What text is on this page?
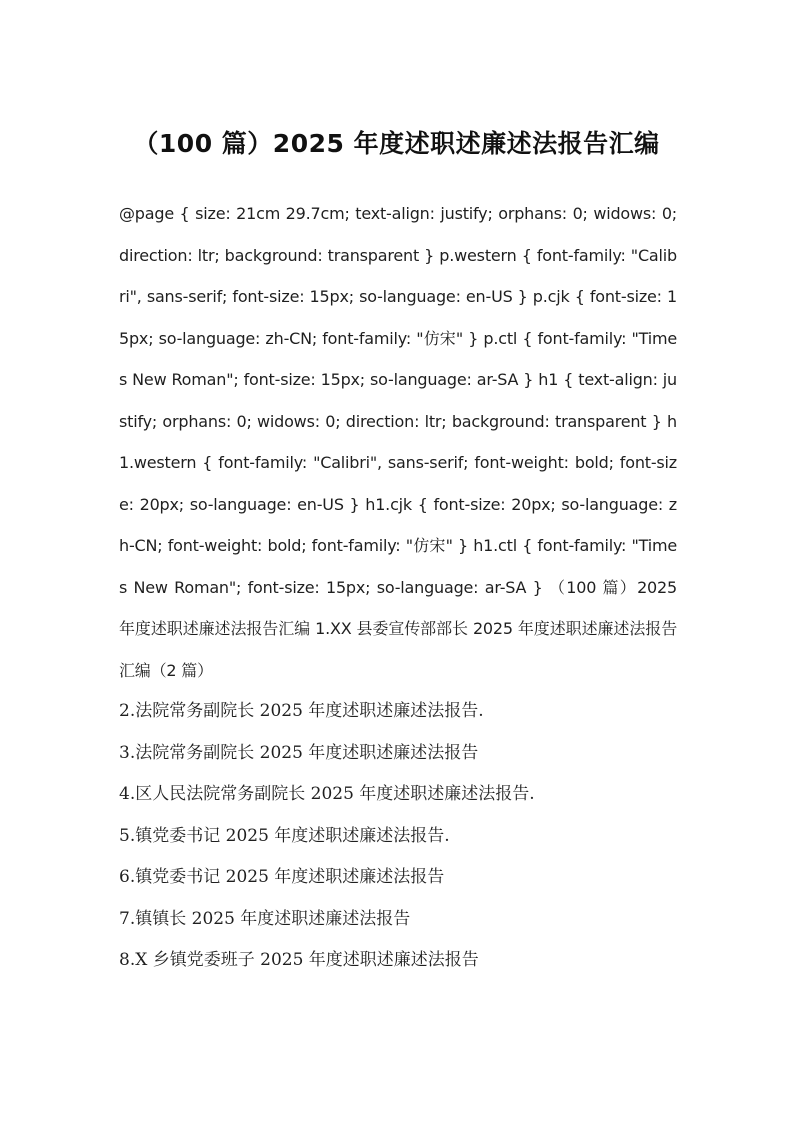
（100 篇）2025 年度述职述廉述法报告汇编

@page { size: 21cm 29.7cm; text-align: justify; orphans: 0; widows: 0; direction: ltr; background: transparent } p.western { font-family: "Calibri", sans-serif; font-size: 15px; so-language: en-US } p.cjk { font-size: 15px; so-language: zh-CN; font-family: "仿宋" } p.ctl { font-family: "Times New Roman"; font-size: 15px; so-language: ar-SA } h1 { text-align: justify; orphans: 0; widows: 0; direction: ltr; background: transparent } h1.western { font-family: "Calibri", sans-serif; font-weight: bold; font-size: 20px; so-language: en-US } h1.cjk { font-size: 20px; so-language: zh-CN; font-weight: bold; font-family: "仿宋" } h1.ctl { font-family: "Times New Roman"; font-size: 15px; so-language: ar-SA } （100 篇）2025 年度述职述廉述法报告汇编 1.XX 县委宣传部部长 2025 年度述职述廉述法报告汇编（2 篇）

2.法院常务副院长 2025 年度述职述廉述法报告.

3.法院常务副院长 2025 年度述职述廉述法报告

4.区人民法院常务副院长 2025 年度述职述廉述法报告.

5.镇党委书记 2025 年度述职述廉述法报告.

6.镇党委书记 2025 年度述职述廉述法报告

7.镇镇长 2025 年度述职述廉述法报告

8.X 乡镇党委班子 2025 年度述职述廉述法报告
